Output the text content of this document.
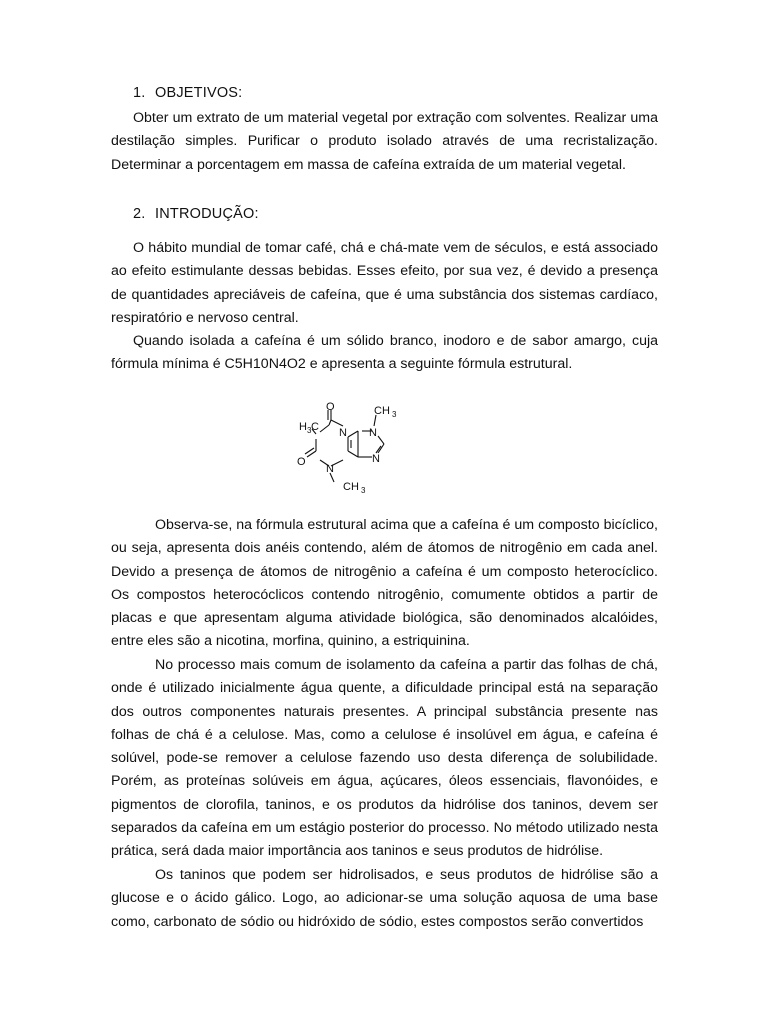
1. OBJETIVOS:

Obter um extrato de um material vegetal por extração com solventes. Realizar uma destilação simples. Purificar o produto isolado através de uma recristalização. Determinar a porcentagem em massa de cafeína extraída de um material vegetal.

2. INTRODUÇÃO:

O hábito mundial de tomar café, chá e chá-mate vem de séculos, e está associado ao efeito estimulante dessas bebidas. Esses efeito, por sua vez, é devido a presença de quantidades apreciáveis de cafeína, que é uma substância dos sistemas cardíaco, respiratório e nervoso central.

Quando isolada a cafeína é um sólido branco, inodoro e de sabor amargo, cuja fórmula mínima é C5H10N4O2 e apresenta a seguinte fórmula estrutural.

O
O
N
N
N
N
H 3 C
CH 3
CH 3

Observa-se, na fórmula estrutural acima que a cafeína é um composto bicíclico, ou seja, apresenta dois anéis contendo, além de átomos de nitrogênio em cada anel. Devido a presença de átomos de nitrogênio a cafeína é um composto heterocíclico. Os compostos heterocóclicos contendo nitrogênio, comumente obtidos a partir de placas e que apresentam alguma atividade biológica, são denominados alcalóides, entre eles são a nicotina, morfina, quinino, a estriquinina.

No processo mais comum de isolamento da cafeína a partir das folhas de chá, onde é utilizado inicialmente água quente, a dificuldade principal está na separação dos outros componentes naturais presentes. A principal substância presente nas folhas de chá é a celulose. Mas, como a celulose é insolúvel em água, e cafeína é solúvel, pode-se remover a celulose fazendo uso desta diferença de solubilidade. Porém, as proteínas solúveis em água, açúcares, óleos essenciais, flavonóides, e pigmentos de clorofila, taninos, e os produtos da hidrólise dos taninos, devem ser separados da cafeína em um estágio posterior do processo. No método utilizado nesta prática, será dada maior importância aos taninos e seus produtos de hidrólise.

Os taninos que podem ser hidrolisados, e seus produtos de hidrólise são a glucose e o ácido gálico. Logo, ao adicionar-se uma solução aquosa de uma base como, carbonato de sódio ou hidróxido de sódio, estes compostos serão convertidos
